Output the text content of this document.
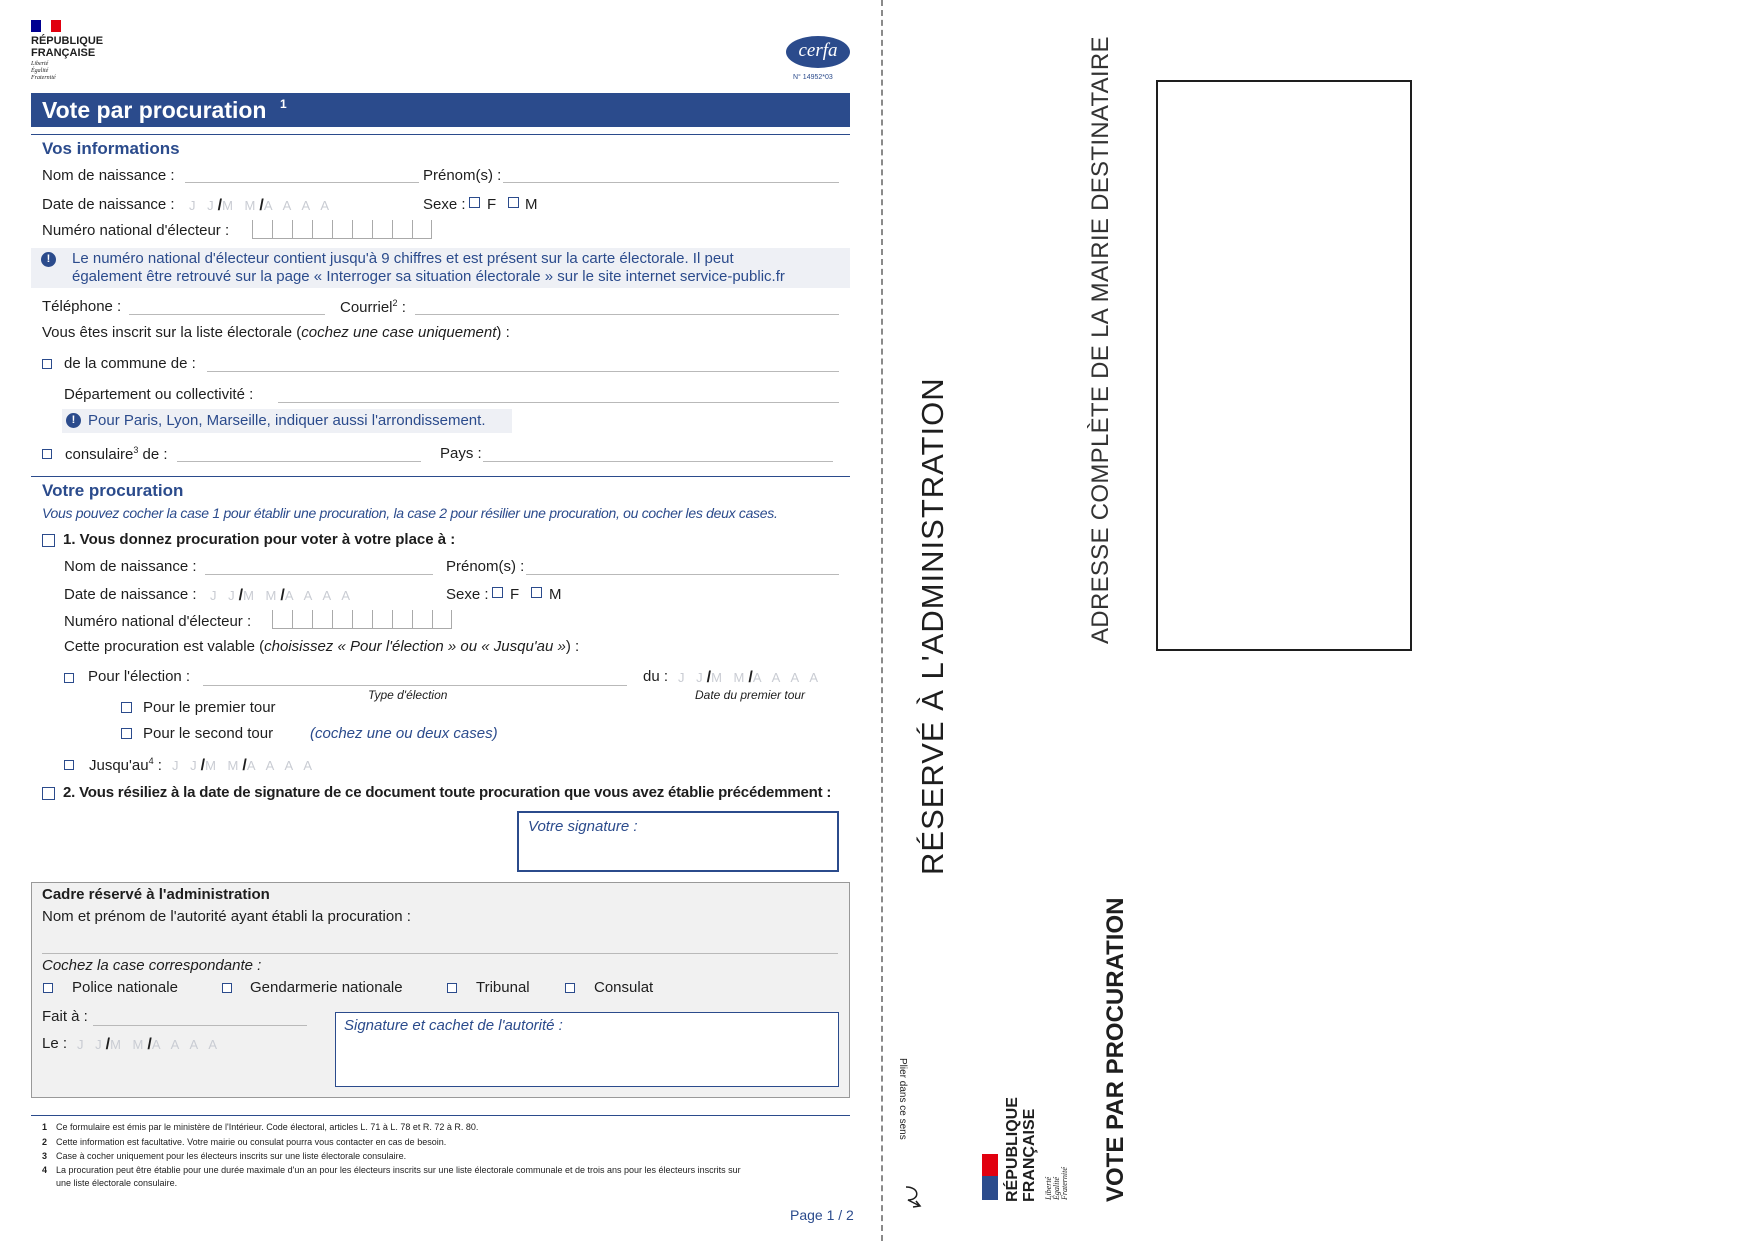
RÉPUBLIQUE
FRANÇAISE
Liberté
Égalité
Fraternité
cerfa
N° 14952*03
Vote par procuration 1
Vos informations
Nom de naissance :	Prénom(s) :
Date de naissance : J J/M M/A A A A	Sexe : F M
Numéro national d'électeur :
!	Le numéro national d'électeur contient jusqu'à 9 chiffres et est présent sur la carte électorale. Il peut
également être retrouvé sur la page « Interroger sa situation électorale » sur le site internet service-public.fr
Téléphone :	Courriel$^2$ :
Vous êtes inscrit sur la liste électorale (cochez une case uniquement) :
de la commune de :
Département ou collectivité :
! Pour Paris, Lyon, Marseille, indiquer aussi l'arrondissement.
consulaire$^3$ de :	Pays :
Votre procuration
Vous pouvez cocher la case 1 pour établir une procuration, la case 2 pour résilier une procuration, ou cocher les deux cases.
1. Vous donnez procuration pour voter à votre place à :
Nom de naissance :	Prénom(s) :
Date de naissance : J J/M M/A A A A	Sexe : F M
Numéro national d'électeur :
Cette procuration est valable (choisissez « Pour l'élection » ou « Jusqu'au ») :
Pour l'élection :
Type d'élection
du : J J/M M/A A A A
Date du premier tour
Pour le premier tour
Pour le second tour (cochez une ou deux cases)
$Jusqu'au^4$ : J J/M M/A A A A
2. Vous résiliez à la date de signature de ce document toute procuration que vous avez établie précédemment :
Votre signature :
Cadre réservé à l'administration
Nom et prénom de l'autorité ayant établi la procuration :
Cochez la case correspondante :
Police nationale	Gendarmerie nationale	Tribunal	Consulat
Fait à :
Le : J J/M M/A A A A
Signature et cachet de l'autorité :
1 Ce formulaire est émis par le ministère de l'Intérieur. Code électoral, articles L. 71 à L. 78 et R. 72 à R. 80.
2 Cette information est facultative. Votre mairie ou consulat pourra vous contacter en cas de besoin.
3 Case à cocher uniquement pour les électeurs inscrits sur une liste électorale consulaire.
4 La procuration peut être établie pour une durée maximale d'un an pour les électeurs inscrits sur une liste électorale communale et de trois ans pour les électeurs inscrits sur
une liste électorale consulaire.
Page 1 / 2
RÉSERVÉ À L'ADMINISTRATION	ADRESSE COMPLÈTE DE LA MAIRIE DESTINATAIRE
VOTE PAR PROCURATION
Plier dans ce sens	RÉPUBLIQUE FRANÇAISE Liberté Égalité Fraternité
